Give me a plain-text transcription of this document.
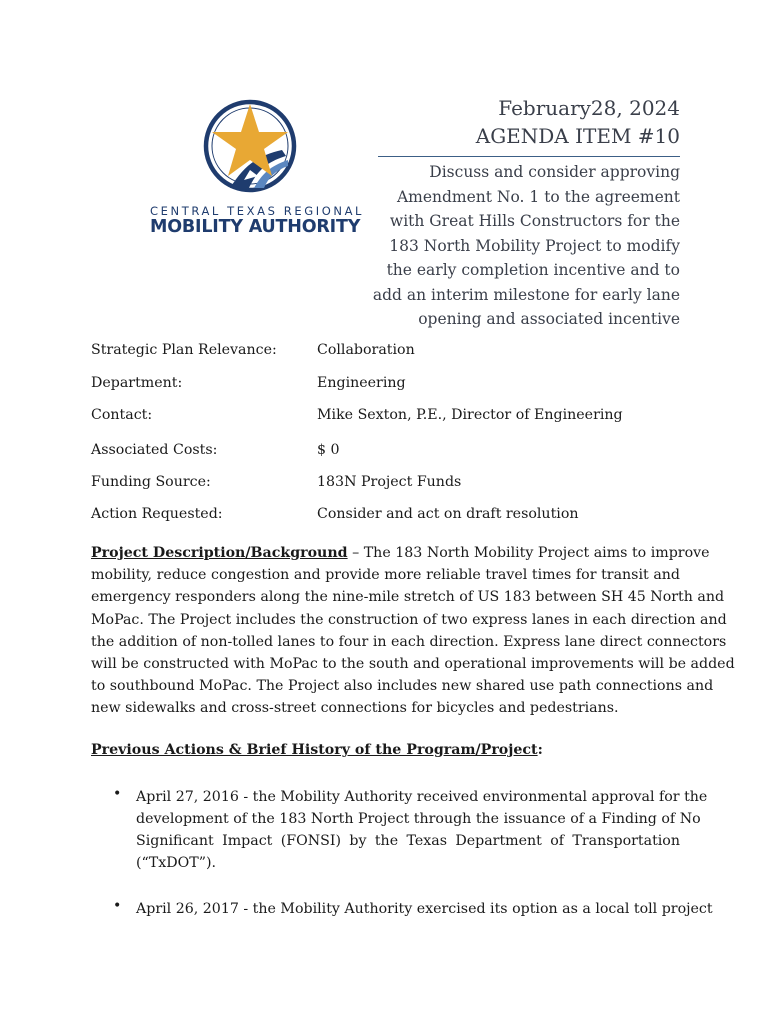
CENTRAL TEXAS REGIONAL
MOBILITY AUTHORITY
February28, 2024
AGENDA ITEM #10
Discuss and consider approving
Amendment No. 1 to the agreement
with Great Hills Constructors for the
183 North Mobility Project to modify
the early completion incentive and to
add an interim milestone for early lane
opening and associated incentive
Strategic Plan Relevance:	Collaboration
Department:	Engineering
Contact:	Mike Sexton, P.E., Director of Engineering
Associated Costs:	$ 0
Funding Source:	183N Project Funds
Action Requested:	Consider and act on draft resolution
Project Description/Background – The 183 North Mobility Project aims to improve
mobility, reduce congestion and provide more reliable travel times for transit and
emergency responders along the nine-mile stretch of US 183 between SH 45 North and
MoPac. The Project includes the construction of two express lanes in each direction and
the addition of non-tolled lanes to four in each direction. Express lane direct connectors
will be constructed with MoPac to the south and operational improvements will be added
to southbound MoPac. The Project also includes new shared use path connections and
new sidewalks and cross-street connections for bicycles and pedestrians.
Previous Actions & Brief History of the Program/Project:
• April 27, 2016 - the Mobility Authority received environmental approval for the
development of the 183 North Project through the issuance of a Finding of No
Significant Impact (FONSI) by the Texas Department of Transportation
(“TxDOT”).
• April 26, 2017 - the Mobility Authority exercised its option as a local toll project
